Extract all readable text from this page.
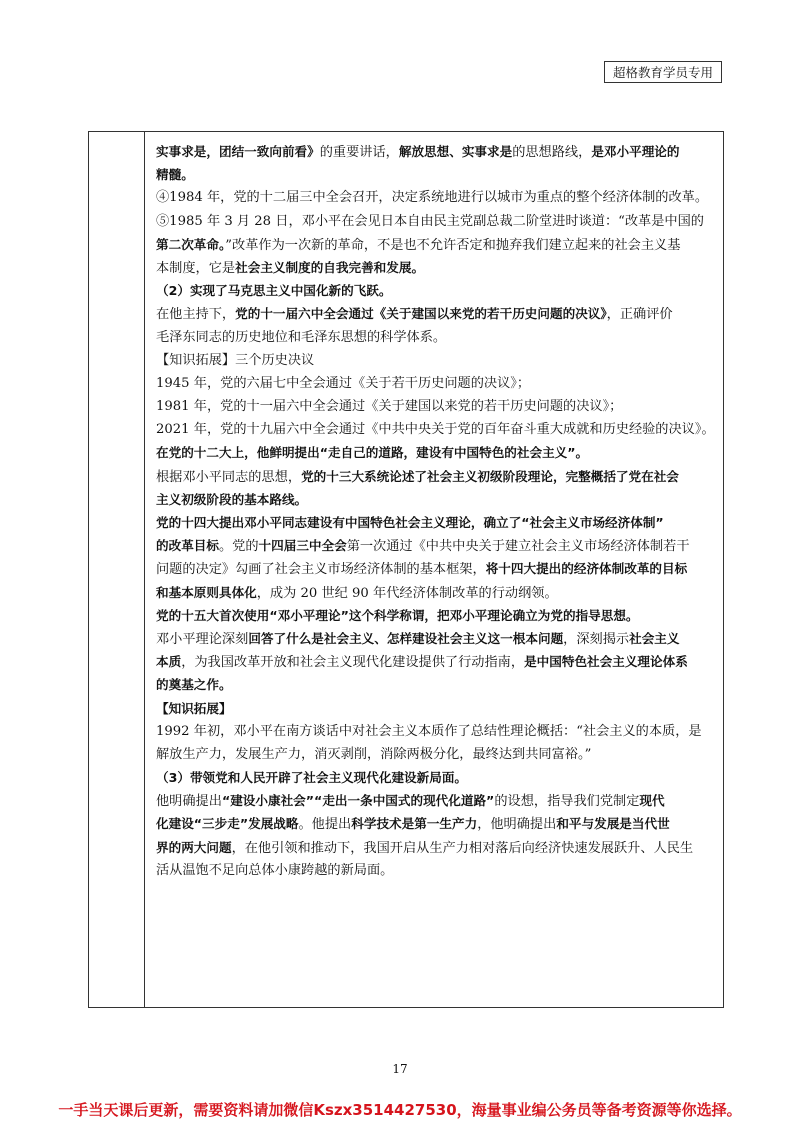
超格教育学员专用
实事求是，团结一致向前看》的重要讲话，解放思想、实事求是的思想路线，是邓小平理论的
精髓。
④1984 年，党的十二届三中全会召开，决定系统地进行以城市为重点的整个经济体制的改革。
⑤1985 年 3 月 28 日，邓小平在会见日本自由民主党副总裁二阶堂进时谈道：“改革是中国的
第二次革命。”改革作为一次新的革命，不是也不允许否定和抛弃我们建立起来的社会主义基
本制度，它是社会主义制度的自我完善和发展。
（2）实现了马克思主义中国化新的飞跃。
在他主持下，党的十一届六中全会通过《关于建国以来党的若干历史问题的决议》，正确评价
毛泽东同志的历史地位和毛泽东思想的科学体系。
【知识拓展】三个历史决议
1945 年，党的六届七中全会通过《关于若干历史问题的决议》；
1981 年，党的十一届六中全会通过《关于建国以来党的若干历史问题的决议》；
2021 年，党的十九届六中全会通过《中共中央关于党的百年奋斗重大成就和历史经验的决议》。
在党的十二大上，他鲜明提出“走自己的道路，建设有中国特色的社会主义”。
根据邓小平同志的思想，党的十三大系统论述了社会主义初级阶段理论，完整概括了党在社会
主义初级阶段的基本路线。
党的十四大提出邓小平同志建设有中国特色社会主义理论，确立了“社会主义市场经济体制”
的改革目标。党的十四届三中全会第一次通过《中共中央关于建立社会主义市场经济体制若干
问题的决定》勾画了社会主义市场经济体制的基本框架，将十四大提出的经济体制改革的目标
和基本原则具体化，成为 20 世纪 90 年代经济体制改革的行动纲领。
党的十五大首次使用“邓小平理论”这个科学称谓，把邓小平理论确立为党的指导思想。
邓小平理论深刻回答了什么是社会主义、怎样建设社会主义这一根本问题，深刻揭示社会主义
本质，为我国改革开放和社会主义现代化建设提供了行动指南，是中国特色社会主义理论体系
的奠基之作。
【知识拓展】
1992 年初，邓小平在南方谈话中对社会主义本质作了总结性理论概括：“社会主义的本质，是
解放生产力，发展生产力，消灭剥削，消除两极分化，最终达到共同富裕。”
（3）带领党和人民开辟了社会主义现代化建设新局面。
他明确提出“建设小康社会”“走出一条中国式的现代化道路”的设想，指导我们党制定现代
化建设“三步走”发展战略。他提出科学技术是第一生产力，他明确提出和平与发展是当代世
界的两大问题，在他引领和推动下，我国开启从生产力相对落后向经济快速发展跃升、人民生
活从温饱不足向总体小康跨越的新局面。
17
一手当天课后更新，需要资料请加微信Kszx3514427530，海量事业编公务员等备考资源等你选择。
